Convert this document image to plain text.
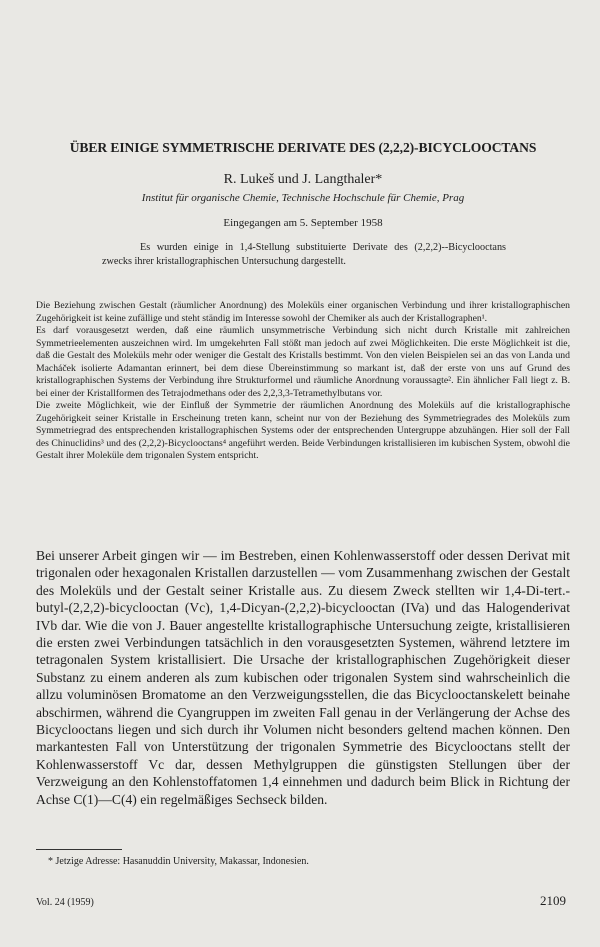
ÜBER EINIGE SYMMETRISCHE DERIVATE DES (2,2,2)-BICYCLOOCTANS
R. Lukeš und J. Langthaler*
Institut für organische Chemie, Technische Hochschule für Chemie, Prag
Eingegangen am 5. September 1958

Es wurden einige in 1,4-Stellung substituierte Derivate des (2,2,2)--Bicyclooctans zwecks ihrer kristallographischen Untersuchung dargestellt.

Die Beziehung zwischen Gestalt (räumlicher Anordnung) des Moleküls einer organischen Verbindung und ihrer kristallographischen Zugehörigkeit ist keine zufällige und steht ständig im Interesse sowohl der Chemiker als auch der Kristallographen¹.

Es darf vorausgesetzt werden, daß eine räumlich unsymmetrische Verbindung sich nicht durch Kristalle mit zahlreichen Symmetrieelementen auszeichnen wird. Im umgekehrten Fall stößt man jedoch auf zwei Möglichkeiten. Die erste Möglichkeit ist die, daß die Gestalt des Moleküls mehr oder weniger die Gestalt des Kristalls bestimmt. Von den vielen Beispielen sei an das von Landa und Macháček isolierte Adamantan erinnert, bei dem diese Übereinstimmung so markant ist, daß der erste von uns auf Grund des kristallographischen Systems der Verbindung ihre Strukturformel und räumliche Anordnung voraussagte². Ein ähnlicher Fall liegt z. B. bei einer der Kristallformen des Tetrajodmethans oder des 2,2,3,3-Tetramethylbutans vor.

Die zweite Möglichkeit, wie der Einfluß der Symmetrie der räumlichen Anordnung des Moleküls auf die kristallographische Zugehörigkeit seiner Kristalle in Erscheinung treten kann, scheint nur von der Beziehung des Symmetriegrades des Moleküls zum Symmetriegrad des entsprechenden kristallographischen Systems oder der entsprechenden Untergruppe abzuhängen. Hier soll der Fall des Chinuclidins³ und des (2,2,2)-Bicyclooctans⁴ angeführt werden. Beide Verbindungen kristallisieren im kubischen System, obwohl die Gestalt ihrer Moleküle dem trigonalen System entspricht.

Bei unserer Arbeit gingen wir — im Bestreben, einen Kohlenwasserstoff oder dessen Derivat mit trigonalen oder hexagonalen Kristallen darzustellen — vom Zusammenhang zwischen der Gestalt des Moleküls und der Gestalt seiner Kristalle aus. Zu diesem Zweck stellten wir 1,4-Di-tert.-butyl-(2,2,2)-bicyclooctan (Vc), 1,4-Dicyan-(2,2,2)-bicyclooctan (IVa) und das Halogenderivat IVb dar. Wie die von J. Bauer angestellte kristallographische Untersuchung zeigte, kristallisieren die ersten zwei Verbindungen tatsächlich in den vorausgesetzten Systemen, während letztere im tetragonalen System kristallisiert. Die Ursache der kristallographischen Zugehörigkeit dieser Substanz zu einem anderen als zum kubischen oder trigonalen System sind wahrscheinlich die allzu voluminösen Bromatome an den Verzweigungsstellen, die das Bicyclooctanskelett beinahe abschirmen, während die Cyangruppen im zweiten Fall genau in der Verlängerung der Achse des Bicyclooctans liegen und sich durch ihr Volumen nicht besonders geltend machen können. Den markantesten Fall von Unterstützung der trigonalen Symmetrie des Bicyclooctans stellt der Kohlenwasserstoff Vc dar, dessen Methylgruppen die günstigsten Stellungen über der Verzweigung an den Kohlenstoffatomen 1,4 einnehmen und dadurch beim Blick in Richtung der Achse C(1)—C(4) ein regelmäßiges Sechseck bilden.

* Jetzige Adresse: Hasanuddin University, Makassar, Indonesien.
Vol. 24 (1959)	2109
